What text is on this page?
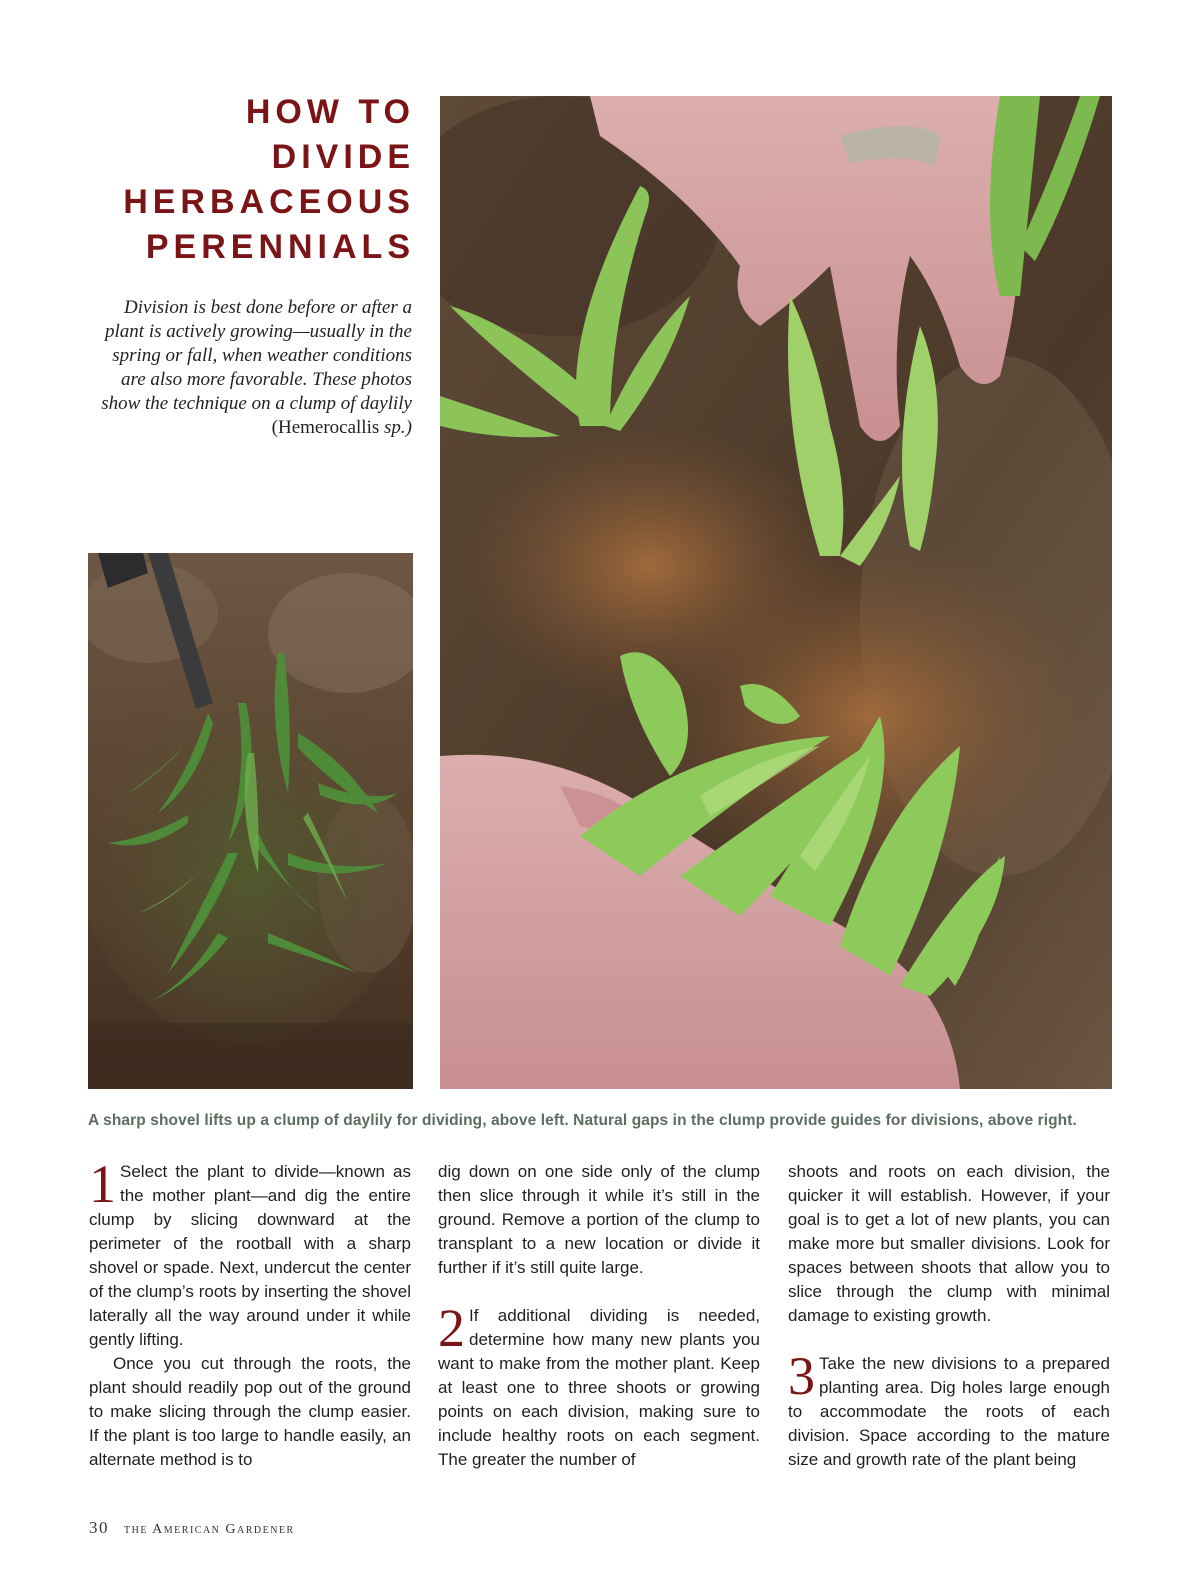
HOW TO DIVIDE
HERBACEOUS
PERENNIALS
Division is best done before or after a plant is actively growing—usually in the spring or fall, when weather conditions are also more favorable. These photos show the technique on a clump of daylily
(Hemerocallis sp.)
A sharp shovel lifts up a clump of daylily for dividing, above left. Natural gaps in the clump provide guides for divisions, above right.

1 Select the plant to divide—known as the mother plant—and dig the entire clump by slicing downward at the perimeter of the rootball with a sharp shovel or spade. Next, undercut the center of the clump’s roots by inserting the shovel laterally all the way around under it while gently lifting.

Once you cut through the roots, the plant should readily pop out of the ground to make slicing through the clump easier. If the plant is too large to handle easily, an alternate method is to

dig down on one side only of the clump then slice through it while it’s still in the ground. Remove a portion of the clump to transplant to a new location or divide it further if it’s still quite large.

2 If additional dividing is needed, determine how many new plants you want to make from the mother plant. Keep at least one to three shoots or growing points on each division, making sure to include healthy roots on each segment. The greater the number of

shoots and roots on each division, the quicker it will establish. However, if your goal is to get a lot of new plants, you can make more but smaller divisions. Look for spaces between shoots that allow you to slice through the clump with minimal damage to existing growth.

3 Take the new divisions to a prepared planting area. Dig holes large enough to accommodate the roots of each division. Space according to the mature size and growth rate of the plant being

30 the American Gardener
